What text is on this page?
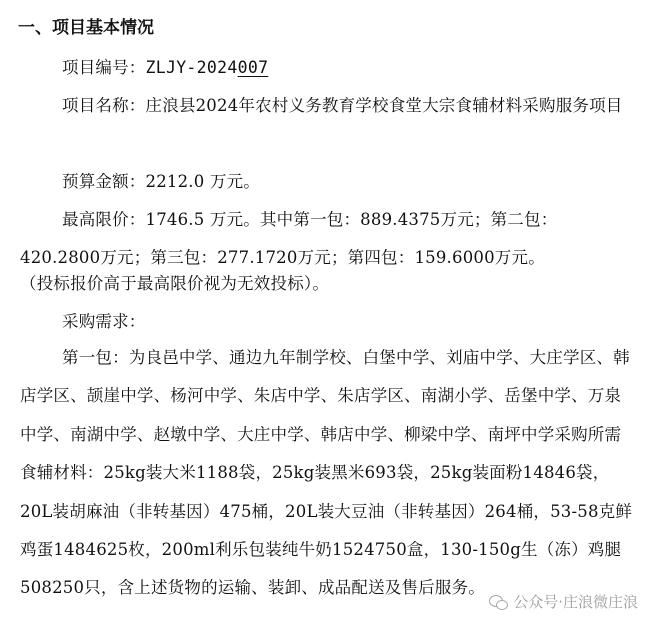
一、项目基本情况
项目编号：ZLJY-2024007
项目名称：庄浪县2024年农村义务教育学校食堂大宗食辅材料采购服务项目
预算金额：2212.0 万元。
最高限价：1746.5 万元。其中第一包：889.4375万元；第二包：420.2800万元；第三包：277.1720万元；第四包：159.6000万元。
（投标报价高于最高限价视为无效投标）。
采购需求：
第一包：为良邑中学、通边九年制学校、白堡中学、刘庙中学、大庄学区、韩店学区、颉崖中学、杨河中学、朱店中学、朱店学区、南湖小学、岳堡中学、万泉中学、南湖中学、赵墩中学、大庄中学、韩店中学、柳梁中学、南坪中学采购所需食辅材料：25kg装大米1188袋，25kg装黑米693袋，25kg装面粉14846袋，20L装胡麻油（非转基因）475桶，20L装大豆油（非转基因）264桶，53-58克鲜鸡蛋1484625枚，200ml利乐包装纯牛奶1524750盒，130-150g生（冻）鸡腿508250只，含上述货物的运输、装卸、成品配送及售后服务。
公众号·庄浪微庄浪
